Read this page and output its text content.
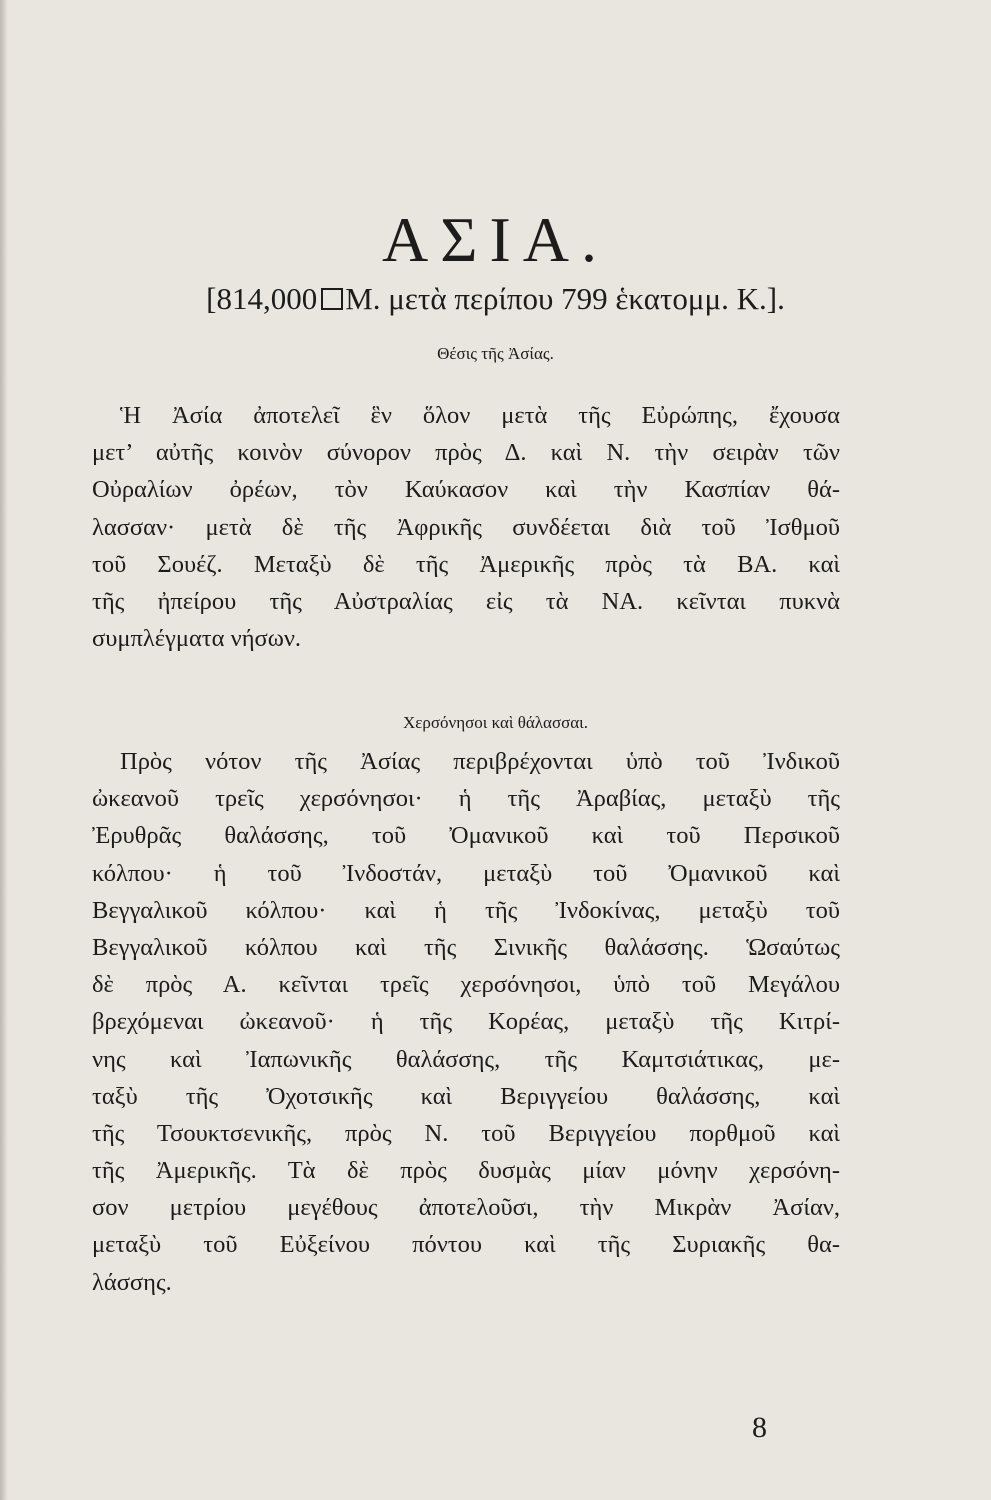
ΑΣΙΑ.
[814,000 Μ. μετὰ περίπου 799 ἑκατομμ. Κ.].
Θέσις τῆς Ἀσίας.
Ἡ Ἀσία ἀποτελεῖ ἓν ὅλον μετὰ τῆς Εὐρώπης, ἔχουσα
μετ’ αὐτῆς κοινὸν σύνορον πρὸς Δ. καὶ Ν. τὴν σειρὰν τῶν
Οὐραλίων ὀρέων, τὸν Καύκασον καὶ τὴν Κασπίαν θά-
λασσαν· μετὰ δὲ τῆς Ἀφρικῆς συνδέεται διὰ τοῦ Ἰσθμοῦ
τοῦ Σουέζ. Μεταξὺ δὲ τῆς Ἀμερικῆς πρὸς τὰ ΒΑ. καὶ
τῆς ἠπείρου τῆς Αὐστραλίας εἰς τὰ ΝΑ. κεῖνται πυκνὰ
συμπλέγματα νήσων.
Χερσόνησοι καὶ θάλασσαι.
Πρὸς νότον τῆς Ἀσίας περιβρέχονται ὑπὸ τοῦ Ἰνδικοῦ
ὠκεανοῦ τρεῖς χερσόνησοι· ἡ τῆς Ἀραβίας, μεταξὺ τῆς
Ἐρυθρᾶς θαλάσσης, τοῦ Ὀμανικοῦ καὶ τοῦ Περσικοῦ
κόλπου· ἡ τοῦ Ἰνδοστάν, μεταξὺ τοῦ Ὀμανικοῦ καὶ
Βεγγαλικοῦ κόλπου· καὶ ἡ τῆς Ἰνδοκίνας, μεταξὺ τοῦ
Βεγγαλικοῦ κόλπου καὶ τῆς Σινικῆς θαλάσσης. Ὡσαύτως
δὲ πρὸς Α. κεῖνται τρεῖς χερσόνησοι, ὑπὸ τοῦ Μεγάλου
βρεχόμεναι ὠκεανοῦ· ἡ τῆς Κορέας, μεταξὺ τῆς Κιτρί-
νης καὶ Ἰαπωνικῆς θαλάσσης, τῆς Καμτσιάτικας, με-
ταξὺ τῆς Ὀχοτσικῆς καὶ Βεριγγείου θαλάσσης, καὶ
τῆς Τσουκτσενικῆς, πρὸς Ν. τοῦ Βεριγγείου πορθμοῦ καὶ
τῆς Ἀμερικῆς. Τὰ δὲ πρὸς δυσμὰς μίαν μόνην χερσόνη-
σον μετρίου μεγέθους ἀποτελοῦσι, τὴν Μικρὰν Ἀσίαν,
μεταξὺ τοῦ Εὐξείνου πόντου καὶ τῆς Συριακῆς θα-
λάσσης.
8
